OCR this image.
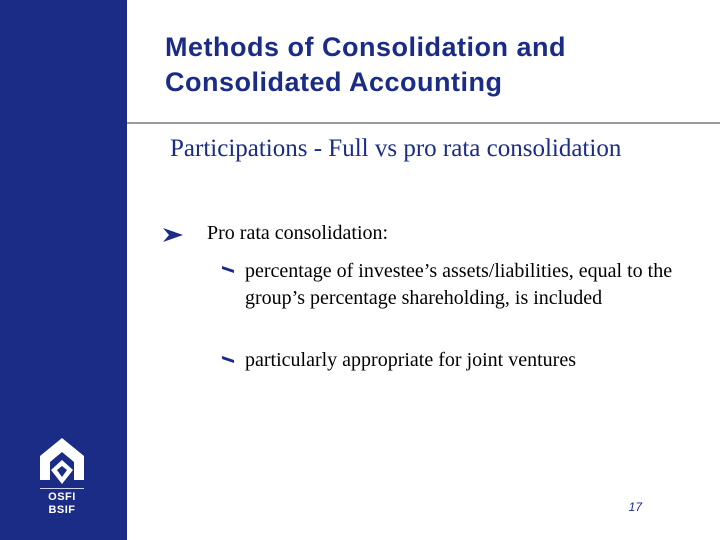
OSFI
BSIF
Methods of Consolidation and
Consolidated Accounting
Participations - Full vs pro rata consolidation
Pro rata consolidation:
percentage of investee’s assets/liabilities, equal to the group’s percentage shareholding, is included
particularly appropriate for joint ventures
17
